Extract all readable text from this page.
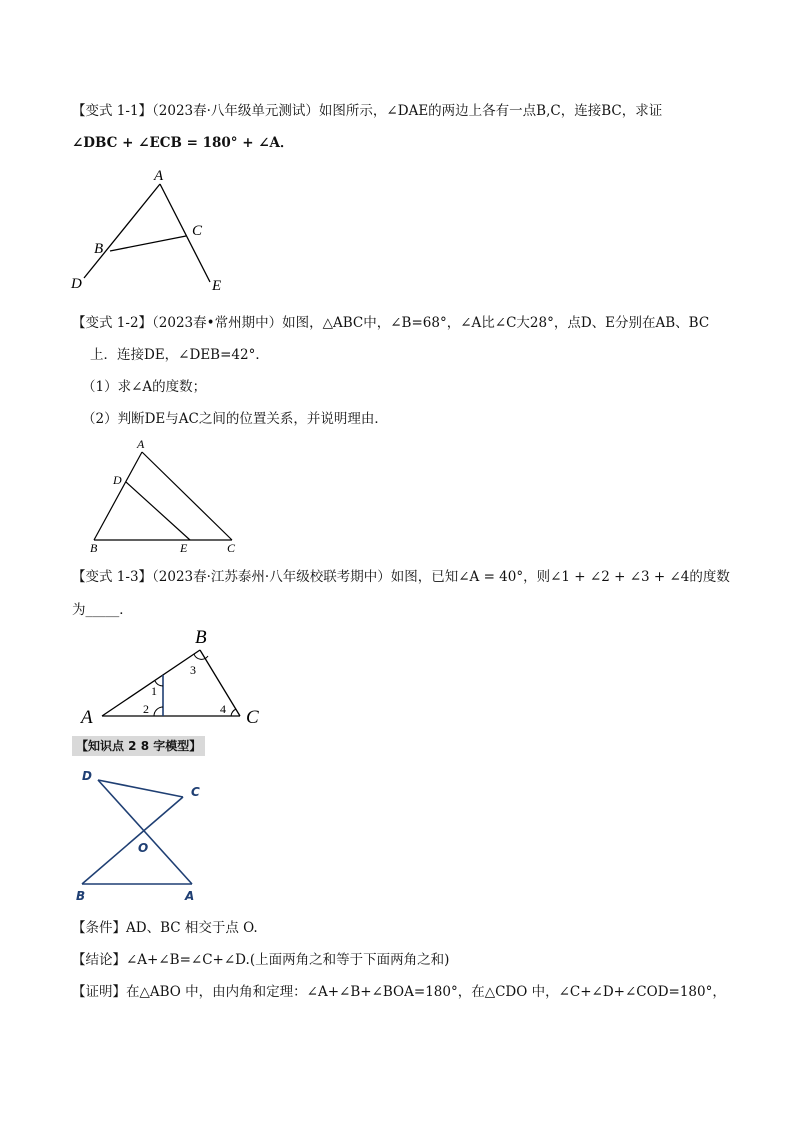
【变式 1-1】（2023春·八年级单元测试）如图所示，∠DAE的两边上各有一点B,C，连接BC，求证
∠DBC + ∠ECB = 180° + ∠A．
A
B
C
D	E
【变式 1-2】（2023春•常州期中）如图，△ABC中，∠B=68°，∠A比∠C大28°，点D、E分别在AB、BC
上．连接DE，∠DEB=42°．
（1）求∠A的度数；
（2）判断DE与AC之间的位置关系，并说明理由．
A
D
B	E	C
【变式 1-3】（2023春·江苏泰州·八年级校联考期中）如图，已知∠A = 40°，则∠1 + ∠2 + ∠3 + ∠4的度数
为_____．
B
A	C
1
2
3
4
【知识点 2 8 字模型】
D
C
O
B	A
【条件】AD、BC 相交于点 O.
【结论】∠A+∠B=∠C+∠D.(上面两角之和等于下面两角之和)
【证明】在△ABO 中，由内角和定理：∠A+∠B+∠BOA=180°，在△CDO 中，∠C+∠D+∠COD=180°，
